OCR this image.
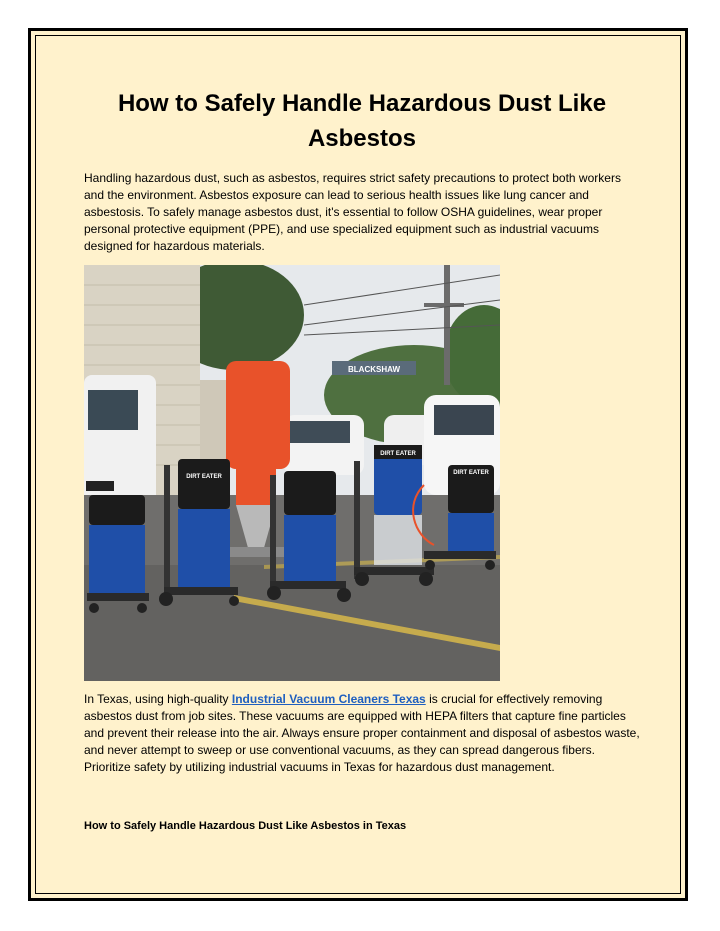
How to Safely Handle Hazardous Dust Like Asbestos

Handling hazardous dust, such as asbestos, requires strict safety precautions to protect both workers and the environment. Asbestos exposure can lead to serious health issues like lung cancer and asbestosis. To safely manage asbestos dust, it's essential to follow OSHA guidelines, wear proper personal protective equipment (PPE), and use specialized equipment such as industrial vacuums designed for hazardous materials.

BLACKSHAW
DIRT EATER
DIRT EATER
DIRT EATER

In Texas, using high-quality Industrial Vacuum Cleaners Texas is crucial for effectively removing asbestos dust from job sites. These vacuums are equipped with HEPA filters that capture fine particles and prevent their release into the air. Always ensure proper containment and disposal of asbestos waste, and never attempt to sweep or use conventional vacuums, as they can spread dangerous fibers. Prioritize safety by utilizing industrial vacuums in Texas for hazardous dust management.

How to Safely Handle Hazardous Dust Like Asbestos in Texas
